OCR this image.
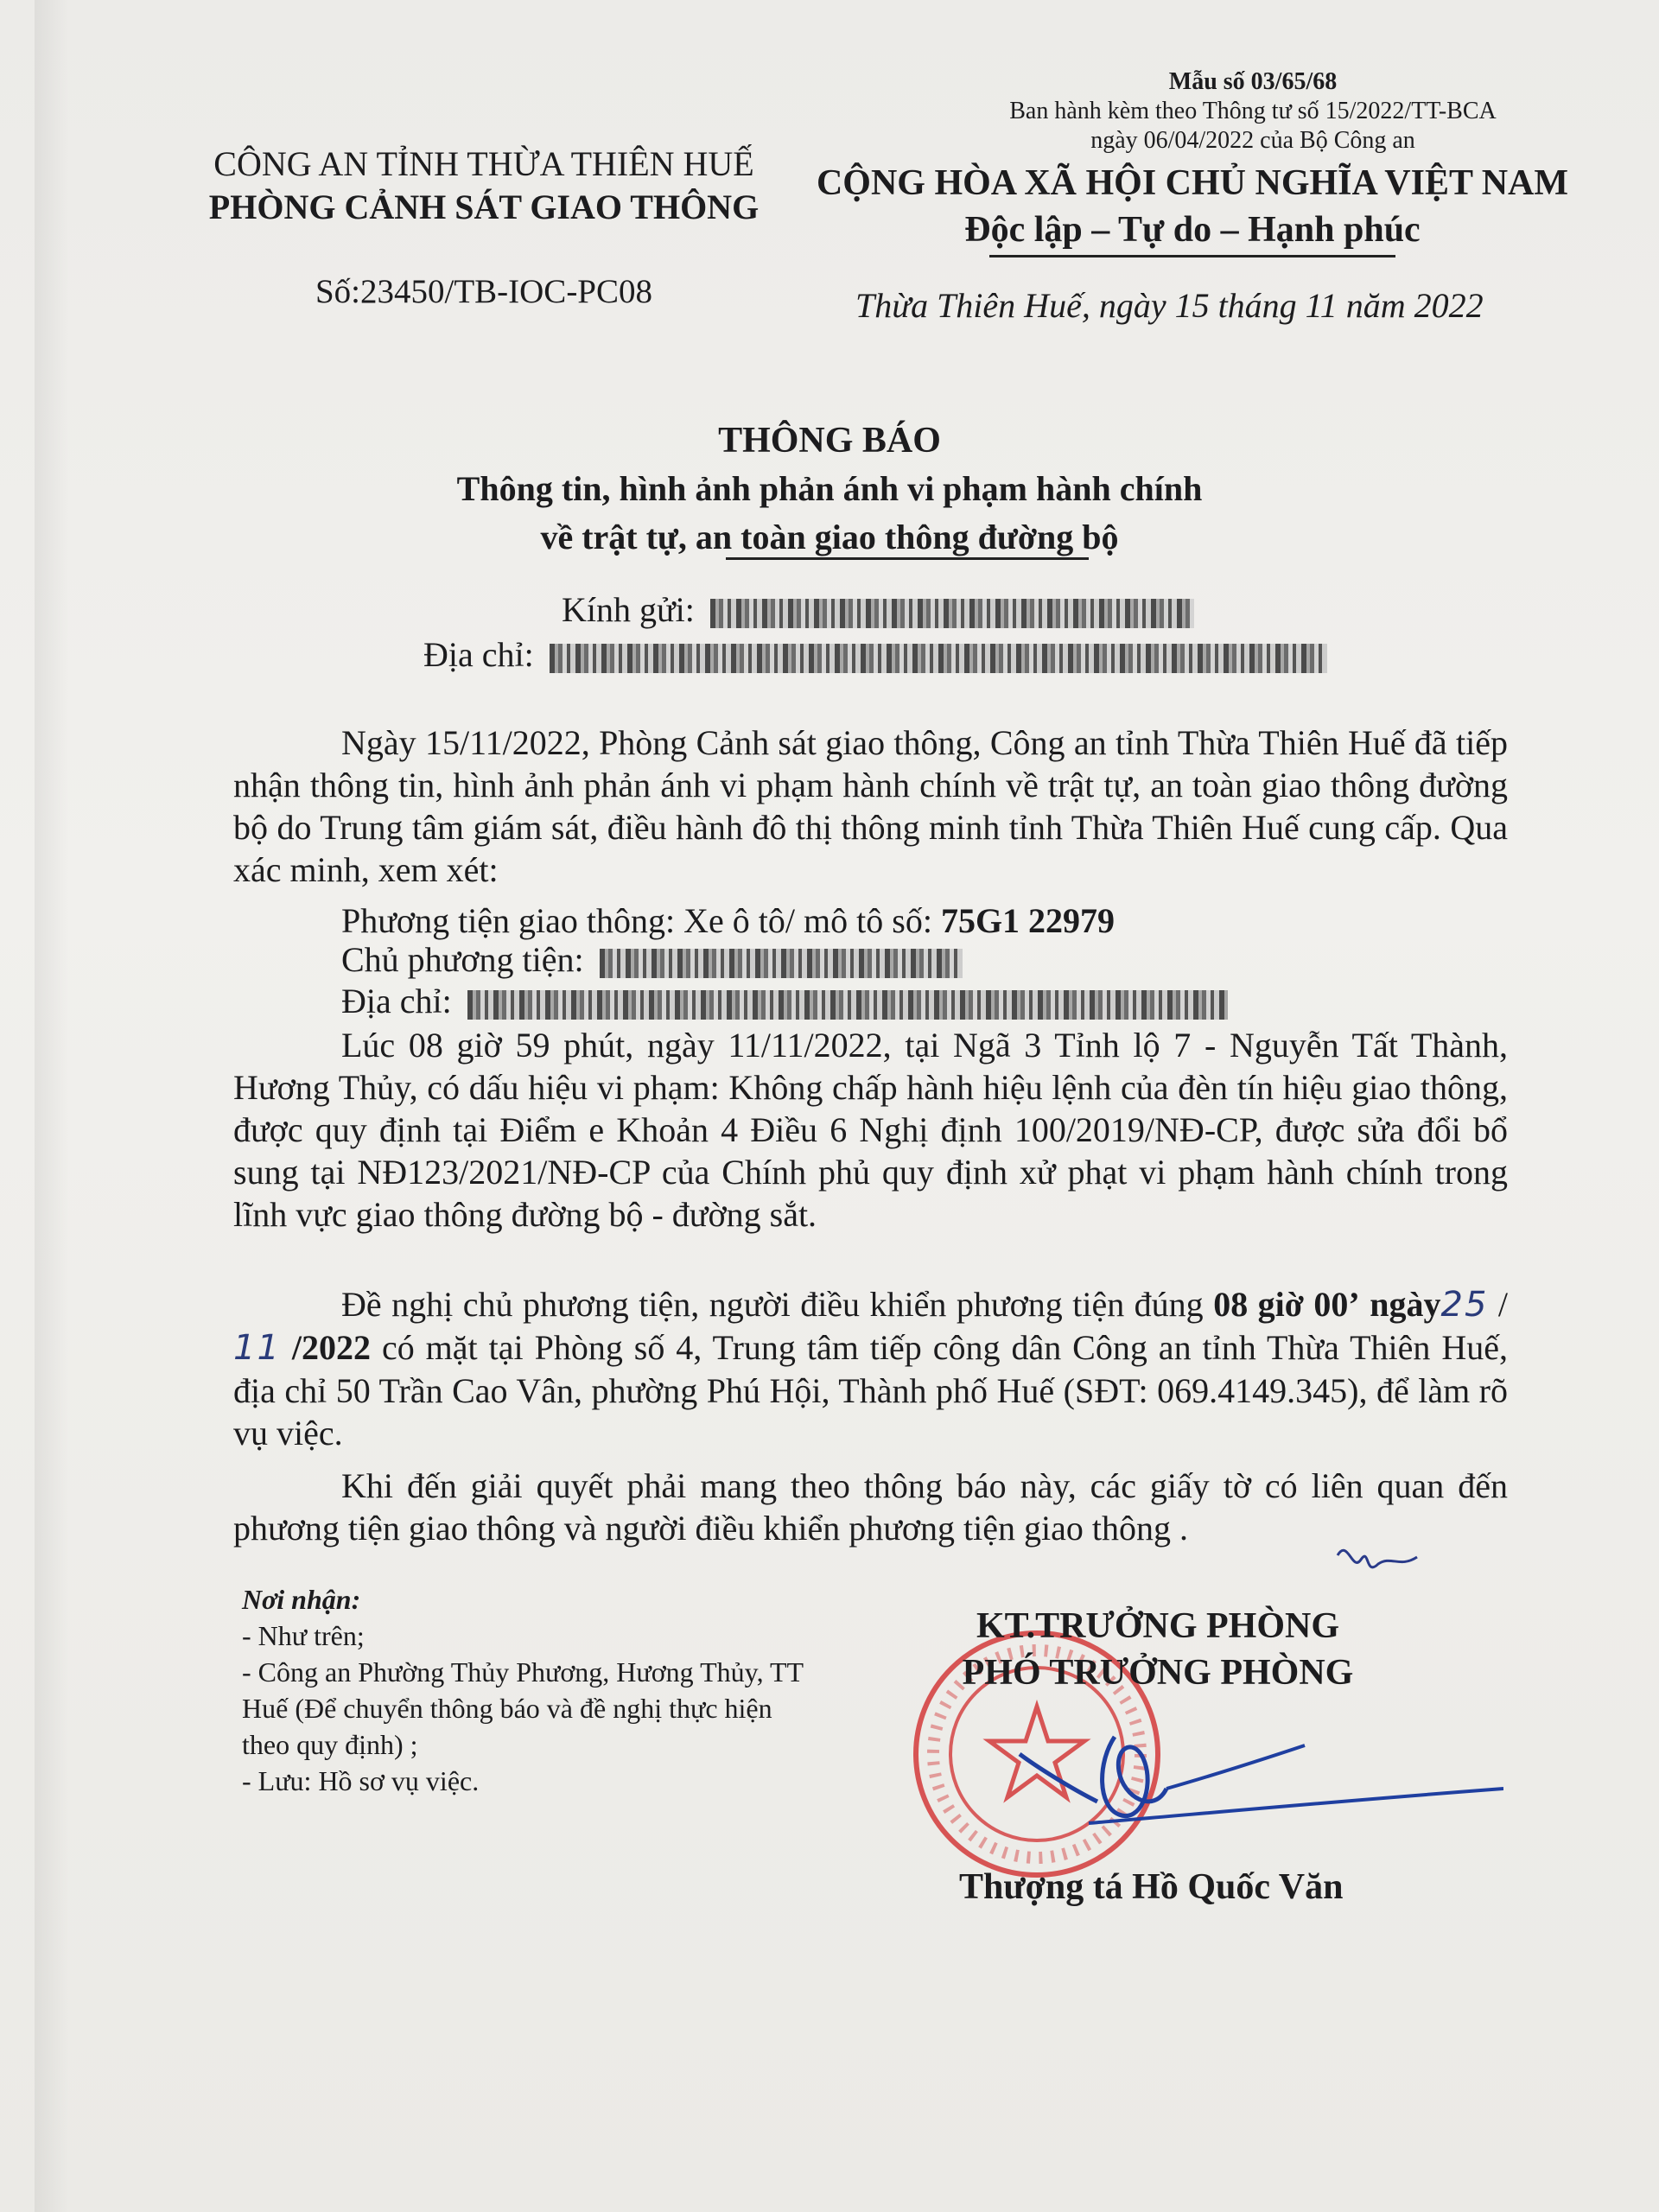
Mẫu số 03/65/68
Ban hành kèm theo Thông tư số 15/2022/TT-BCA
ngày 06/04/2022 của Bộ Công an
CÔNG AN TỈNH THỪA THIÊN HUẾ
PHÒNG CẢNH SÁT GIAO THÔNG
Số:23450/TB-IOC-PC08
CỘNG HÒA XÃ HỘI CHỦ NGHĨA VIỆT NAM
Độc lập – Tự do – Hạnh phúc
Thừa Thiên Huế, ngày 15 tháng 11 năm 2022
THÔNG BÁO
Thông tin, hình ảnh phản ánh vi phạm hành chính
về trật tự, an toàn giao thông đường bộ
Kính gửi:
Địa chỉ:
Ngày 15/11/2022, Phòng Cảnh sát giao thông, Công an tỉnh Thừa Thiên Huế đã tiếp nhận thông tin, hình ảnh phản ánh vi phạm hành chính về trật tự, an toàn giao thông đường bộ do Trung tâm giám sát, điều hành đô thị thông minh tỉnh Thừa Thiên Huế cung cấp. Qua xác minh, xem xét:
Phương tiện giao thông: Xe ô tô/ mô tô số: 75G1 22979
Chủ phương tiện:
Địa chỉ:
Lúc 08 giờ 59 phút, ngày 11/11/2022, tại Ngã 3 Tỉnh lộ 7 - Nguyễn Tất Thành, Hương Thủy, có dấu hiệu vi phạm: Không chấp hành hiệu lệnh của đèn tín hiệu giao thông, được quy định tại Điểm e Khoản 4 Điều 6 Nghị định 100/2019/NĐ-CP, được sửa đổi bổ sung tại NĐ123/2021/NĐ-CP của Chính phủ quy định xử phạt vi phạm hành chính trong lĩnh vực giao thông đường bộ - đường sắt.
Đề nghị chủ phương tiện, người điều khiển phương tiện đúng 08 giờ 00’ ngày25 / 11 /2022 có mặt tại Phòng số 4, Trung tâm tiếp công dân Công an tỉnh Thừa Thiên Huế, địa chỉ 50 Trần Cao Vân, phường Phú Hội, Thành phố Huế (SĐT: 069.4149.345), để làm rõ vụ việc.
Khi đến giải quyết phải mang theo thông báo này, các giấy tờ có liên quan đến phương tiện giao thông và người điều khiển phương tiện giao thông .
Nơi nhận:
- Như trên;
- Công an Phường Thủy Phương, Hương Thủy, TT Huế (Để chuyển thông báo và đề nghị thực hiện theo quy định) ;
- Lưu: Hồ sơ vụ việc.
KT.TRƯỞNG PHÒNG
PHÓ TRƯỞNG PHÒNG
Thượng tá Hồ Quốc Văn
